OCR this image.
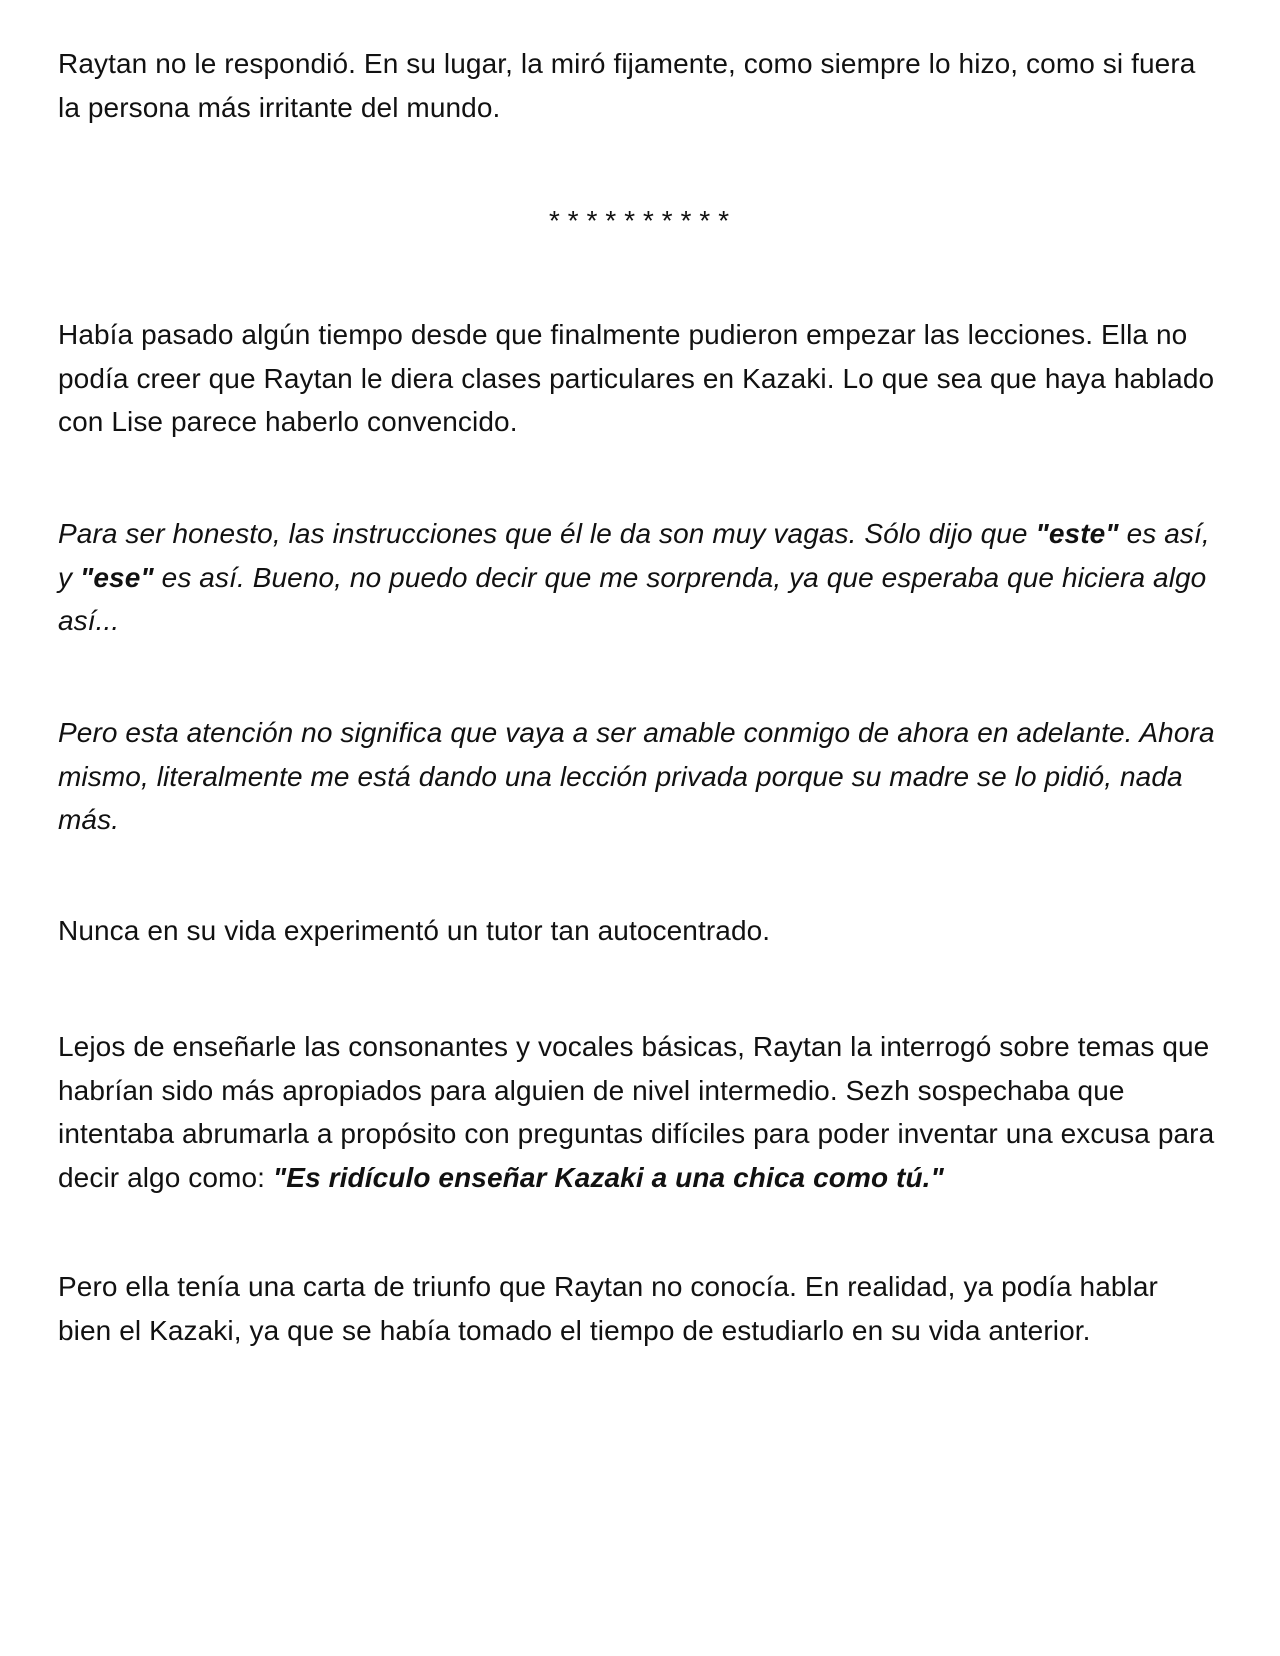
Raytan no le respondió. En su lugar, la miró fijamente, como siempre lo hizo, como si fuera la persona más irritante del mundo.

**********

Había pasado algún tiempo desde que finalmente pudieron empezar las lecciones. Ella no podía creer que Raytan le diera clases particulares en Kazaki. Lo que sea que haya hablado con Lise parece haberlo convencido.

Para ser honesto, las instrucciones que él le da son muy vagas. Sólo dijo que "este" es así, y "ese" es así. Bueno, no puedo decir que me sorprenda, ya que esperaba que hiciera algo así...

Pero esta atención no significa que vaya a ser amable conmigo de ahora en adelante. Ahora mismo, literalmente me está dando una lección privada porque su madre se lo pidió, nada más.

Nunca en su vida experimentó un tutor tan autocentrado.

Lejos de enseñarle las consonantes y vocales básicas, Raytan la interrogó sobre temas que habrían sido más apropiados para alguien de nivel intermedio. Sezh sospechaba que intentaba abrumarla a propósito con preguntas difíciles para poder inventar una excusa para decir algo como: "Es ridículo enseñar Kazaki a una chica como tú."

Pero ella tenía una carta de triunfo que Raytan no conocía. En realidad, ya podía hablar bien el Kazaki, ya que se había tomado el tiempo de estudiarlo en su vida anterior.
